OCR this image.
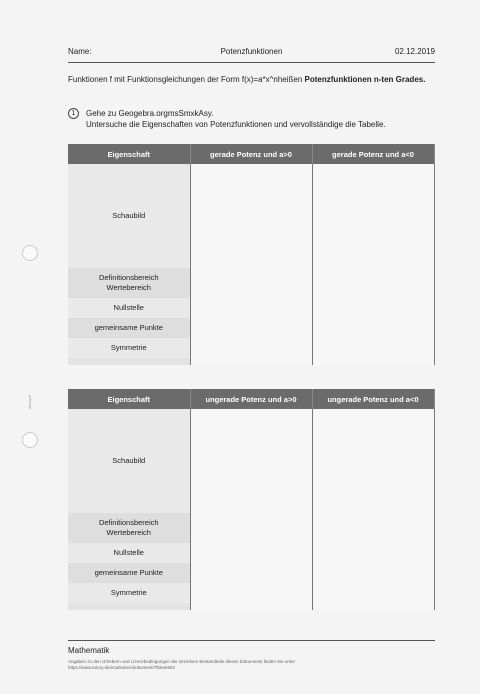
Name:	Potenzfunktionen	02.12.2019
Funktionen f mit Funktionsgleichungen der Form f(x)=a*x^nheißen Potenzfunktionen n-ten Grades.
1	Gehe zu Geogebra.orgmsSmxkAsy.
Untersuche die Eigenschaften von Potenzfunktionen und vervollständige die Tabelle.
Eigenschaft	gerade Potenz und a>0	gerade Potenz und a<0
Schaubild		

Definitionsbereich
Wertebereich		

Nullstelle		
gemeinsame Punkte		
Symmetrie		

Eigenschaft	ungerade Potenz und a>0	ungerade Potenz und a<0
Schaubild		

Definitionsbereich
Wertebereich		

Nullstelle		
gemeinsame Punkte		
Symmetrie		

anonym
Mathematik
Angaben zu den Urhebern und Lizenzbedingungen der einzelnen Bestandteile dieses Dokuments finden Sie unter
https://www.tutory.de/entdecken/dokument/7fb84e652
